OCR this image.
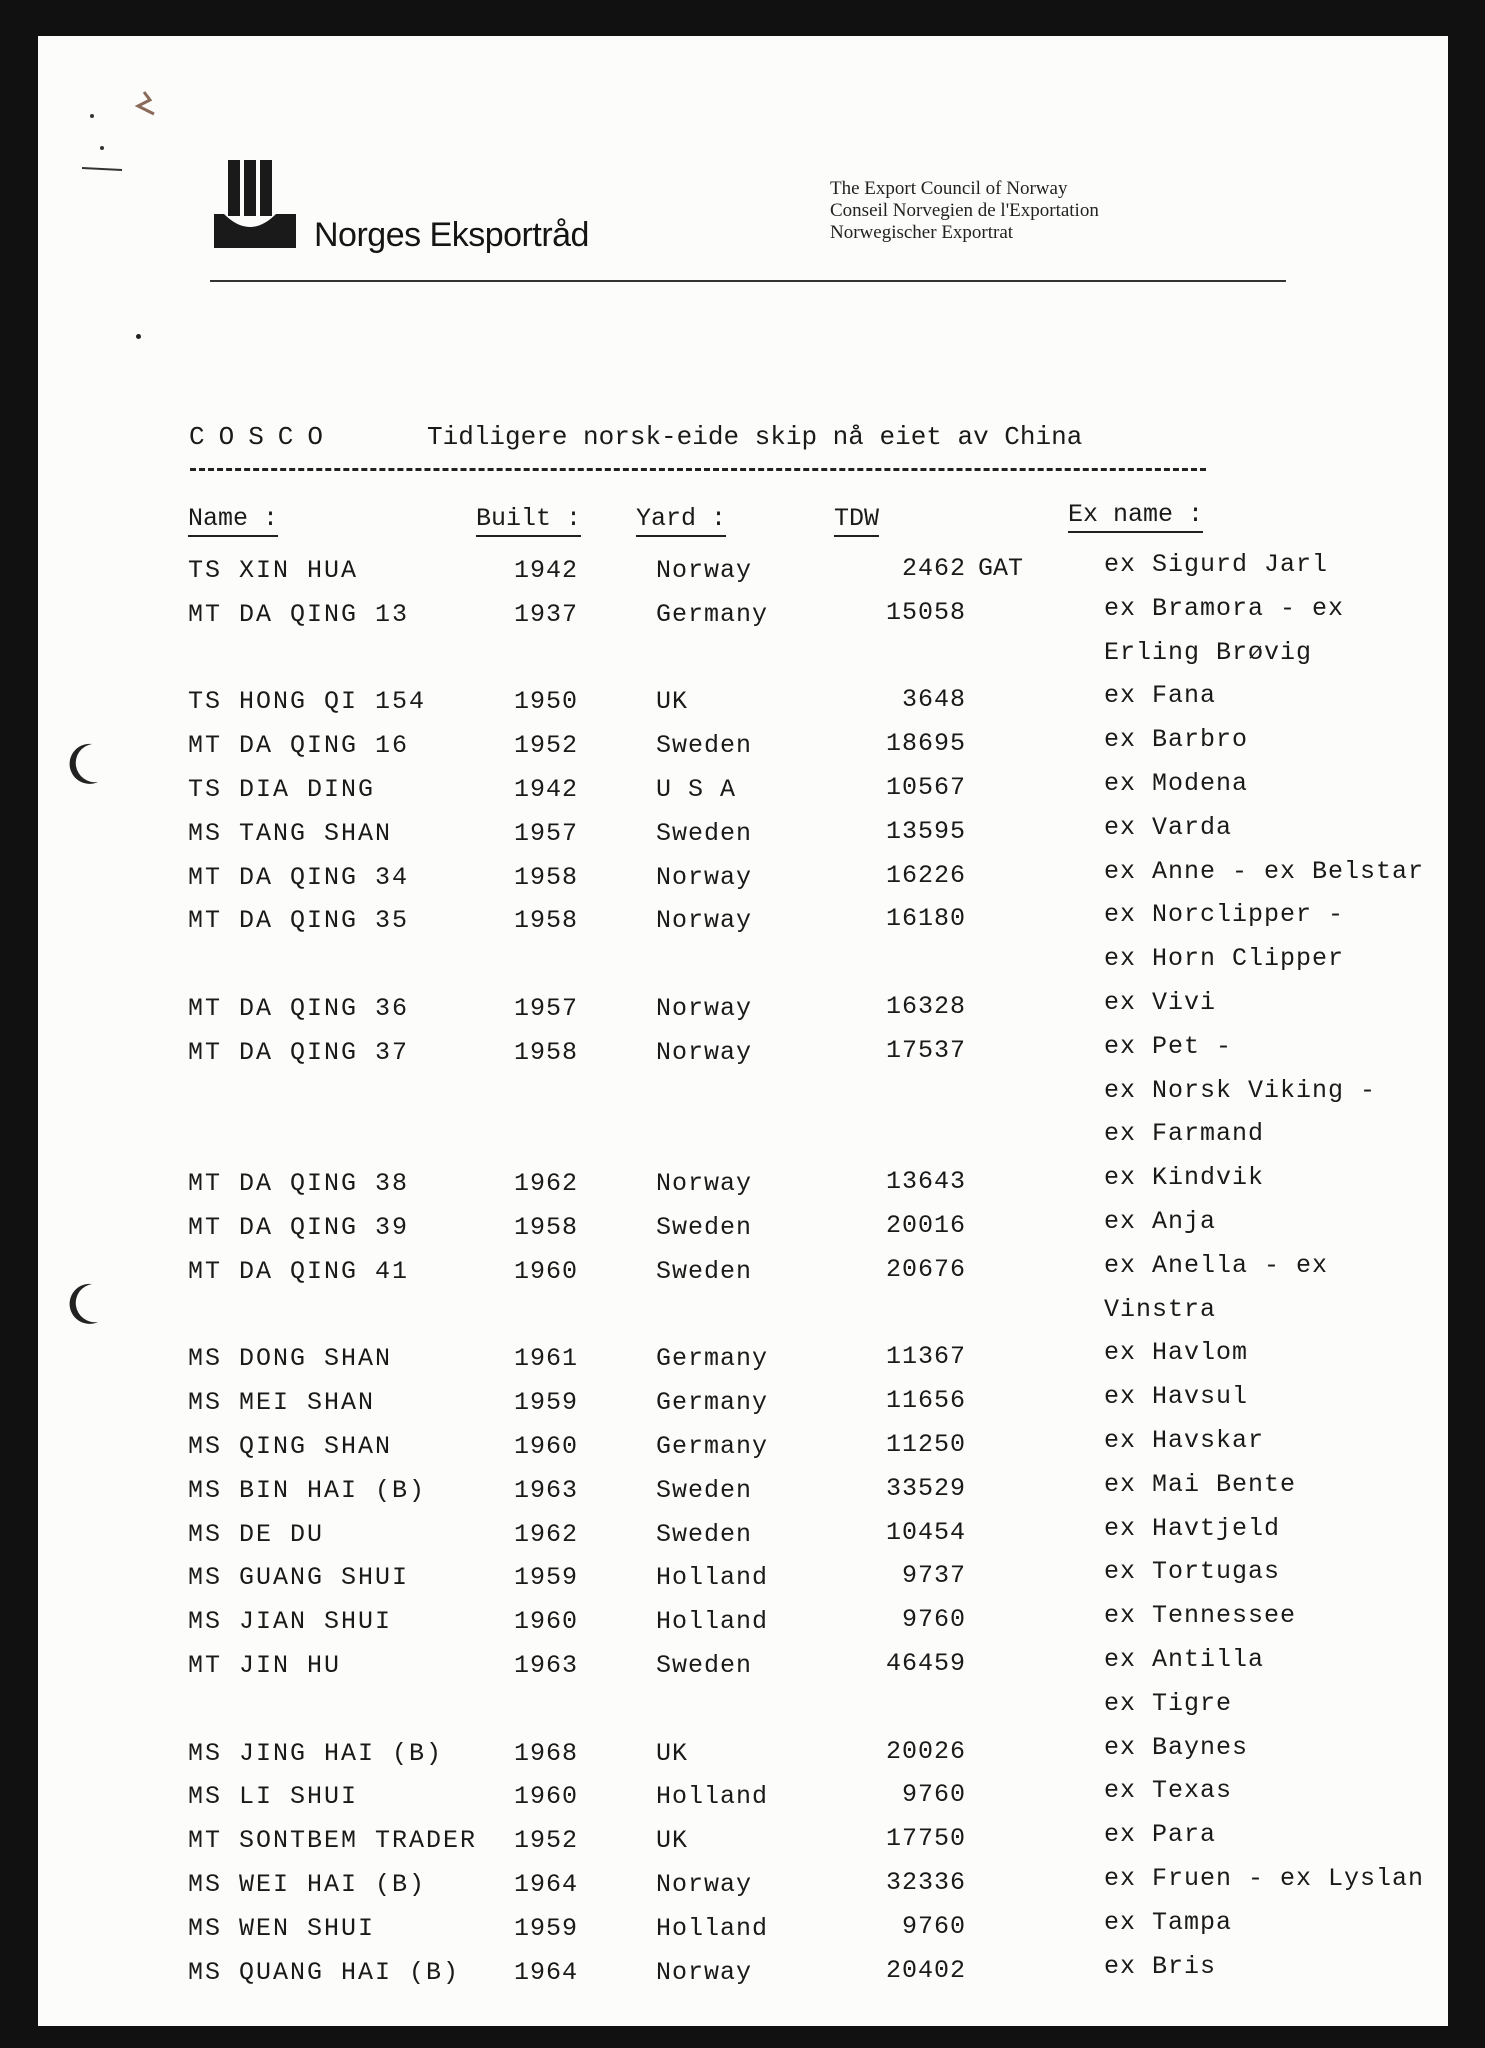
Norges Eksportråd
The Export Council of Norway
Conseil Norvegien de l'Exportation
Norwegischer Exportrat
COSCO	Tidligere norsk-eide skip nå eiet av China
Name :	Built : Yard :	TDW	Ex name :
TS XIN HUA	1942	Norway	2462 GAT	ex Sigurd Jarl
MT DA QING 13	1937	Germany	15058	ex Bramora - ex
Erling Brøvig
TS HONG QI 154	1950	UK	3648	ex Fana
MT DA QING 16	1952	Sweden	18695	ex Barbro
TS DIA DING	1942	U S A	10567	ex Modena
MS TANG SHAN	1957	Sweden	13595	ex Varda
MT DA QING 34	1958	Norway	16226	ex Anne - ex Belstar
MT DA QING 35	1958	Norway	16180	ex Norclipper -
ex Horn Clipper
MT DA QING 36	1957	Norway	16328	ex Vivi
MT DA QING 37	1958	Norway	17537	ex Pet -
ex Norsk Viking -
ex Farmand
MT DA QING 38	1962	Norway	13643	ex Kindvik
MT DA QING 39	1958	Sweden	20016	ex Anja
MT DA QING 41	1960	Sweden	20676	ex Anella - ex
Vinstra
MS DONG SHAN	1961	Germany	11367	ex Havlom
MS MEI SHAN	1959	Germany	11656	ex Havsul
MS QING SHAN	1960	Germany	11250	ex Havskar
MS BIN HAI (B)	1963	Sweden	33529	ex Mai Bente
MS DE DU	1962	Sweden	10454	ex Havtjeld
MS GUANG SHUI	1959	Holland	9737	ex Tortugas
MS JIAN SHUI	1960	Holland	9760	ex Tennessee
MT JIN HU	1963	Sweden	46459	ex Antilla
ex Tigre
MS JING HAI (B)	1968	UK	20026	ex Baynes
MS LI SHUI	1960	Holland	9760	ex Texas
MT SONTBEM TRADER 1952	UK	17750	ex Para
MS WEI HAI (B)	1964	Norway	32336	ex Fruen - ex Lyslan
MS WEN SHUI	1959	Holland	9760	ex Tampa
MS QUANG HAI (B) 1964	Norway	20402	ex Bris
